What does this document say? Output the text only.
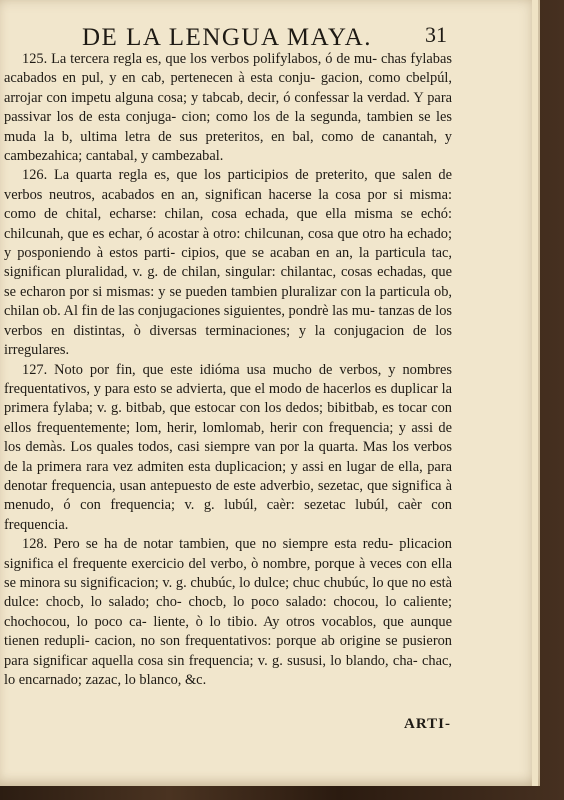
DE LA LENGUA MAYA.	31

125. La tercera regla es, que los verbos polifylabos, ó de mu- chas fylabas acabados en pul, y en cab, pertenecen à esta conju- gacion, como cbelpúl, arrojar con impetu alguna cosa; y tabcab, decir, ó confessar la verdad. Y para passivar los de esta conjuga- cion; como los de la segunda, tambien se les muda la b, ultima letra de sus preteritos, en bal, como de canantah, y cambezahica; cantabal, y cambezabal.

126. La quarta regla es, que los participios de preterito, que salen de verbos neutros, acabados en an, significan hacerse la cosa por si misma: como de chital, echarse: chilan, cosa echada, que ella misma se echó: chilcunah, que es echar, ó acostar à otro: chilcunan, cosa que otro ha echado; y posponiendo à estos parti- cipios, que se acaban en an, la particula tac, significan pluralidad, v. g. de chilan, singular: chilantac, cosas echadas, que se echaron por si mismas: y se pueden tambien pluralizar con la particula ob, chilan ob. Al fin de las conjugaciones siguientes, pondrè las mu- tanzas de los verbos en distintas, ò diversas terminaciones; y la conjugacion de los irregulares.

127. Noto por fin, que este idióma usa mucho de verbos, y nombres frequentativos, y para esto se advierta, que el modo de hacerlos es duplicar la primera fylaba; v. g. bitbab, que estocar con los dedos; bibitbab, es tocar con ellos frequentemente; lom, herir, lomlomab, herir con frequencia; y assi de los demàs. Los quales todos, casi siempre van por la quarta. Mas los verbos de la primera rara vez admiten esta duplicacion; y assi en lugar de ella, para denotar frequencia, usan antepuesto de este adverbio, sezetac, que significa à menudo, ó con frequencia; v. g. lubúl, caèr: sezetac lubúl, caèr con frequencia.

128. Pero se ha de notar tambien, que no siempre esta redu- plicacion significa el frequente exercicio del verbo, ò nombre, porque à veces con ella se minora su significacion; v. g. chubúc, lo dulce; chuc chubúc, lo que no està dulce: chocb, lo salado; cho- chocb, lo poco salado: chocou, lo caliente; chochocou, lo poco ca- liente, ò lo tibio. Ay otros vocablos, que aunque tienen redupli- cacion, no son frequentativos: porque ab origine se pusieron para significar aquella cosa sin frequencia; v. g. sususi, lo blando, cha- chac, lo encarnado; zazac, lo blanco, &c.

ARTI-
